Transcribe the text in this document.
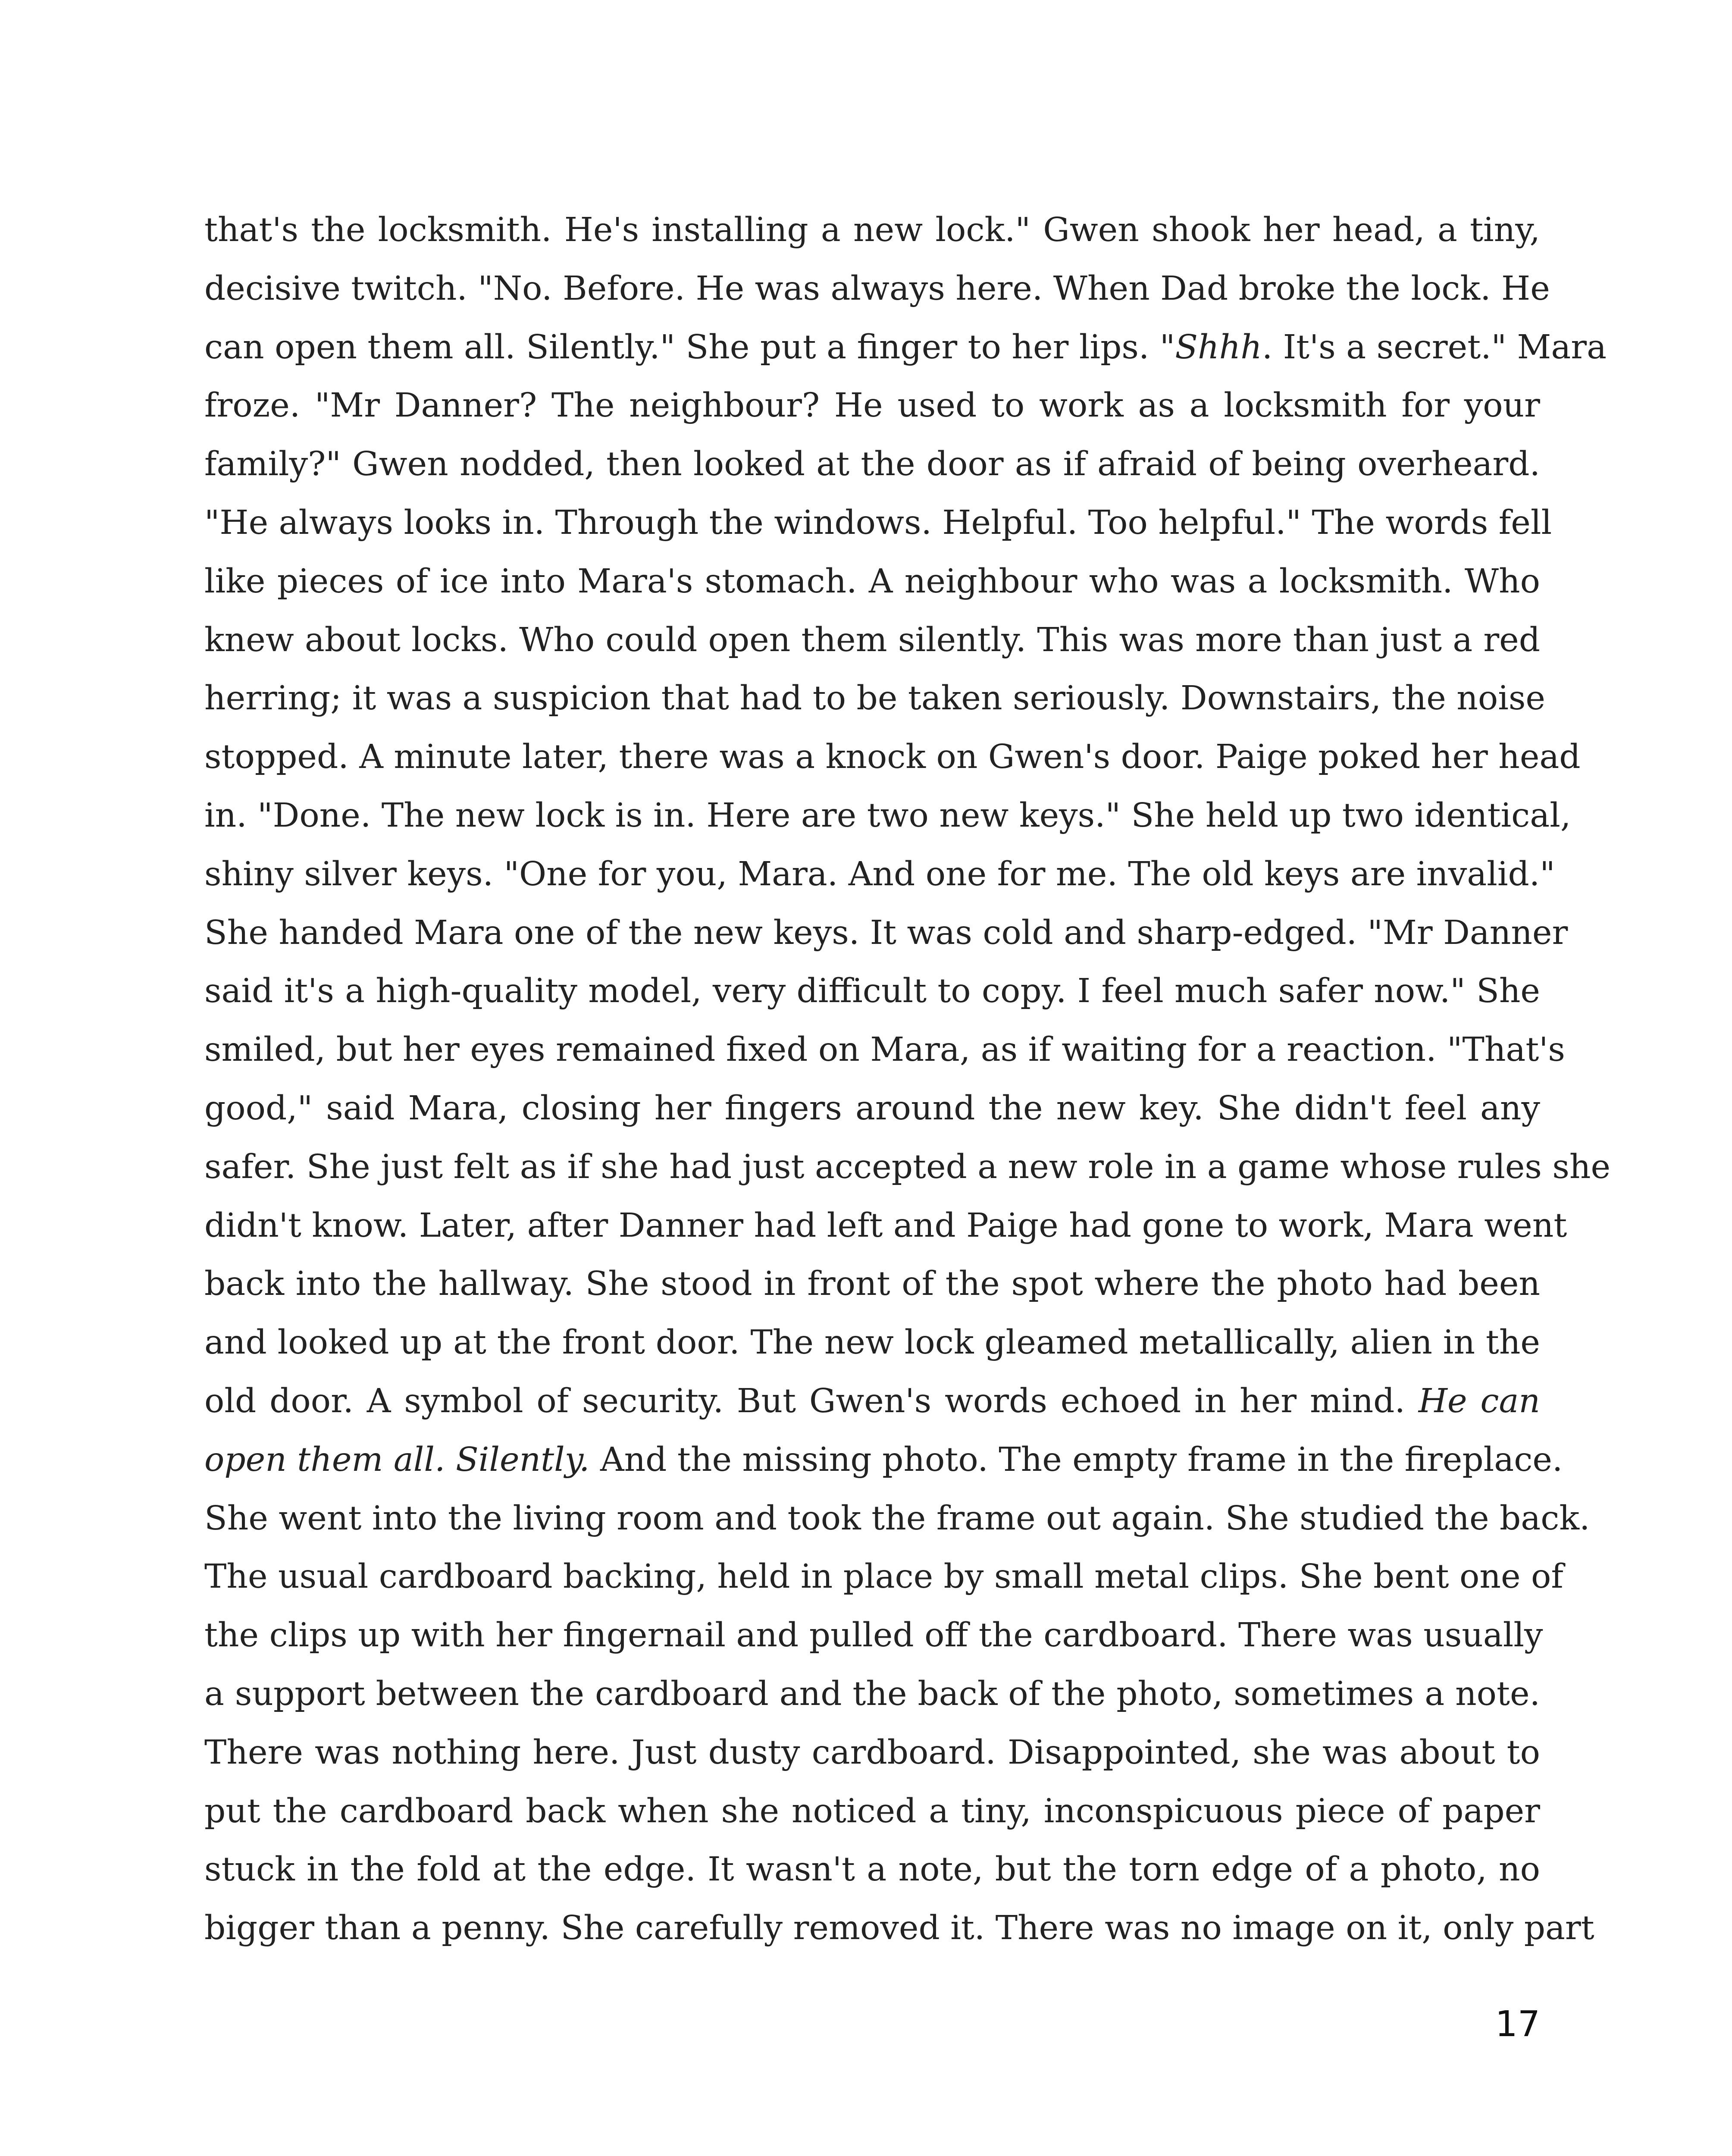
that's the locksmith. He's installing a new lock." Gwen shook her head, a tiny,
decisive twitch. "No. Before. He was always here. When Dad broke the lock. He
can open them all. Silently." She put a finger to her lips. "Shhh. It's a secret." Mara
froze. "Mr Danner? The neighbour? He used to work as a locksmith for your
family?" Gwen nodded, then looked at the door as if afraid of being overheard.
"He always looks in. Through the windows. Helpful. Too helpful." The words fell
like pieces of ice into Mara's stomach. A neighbour who was a locksmith. Who
knew about locks. Who could open them silently. This was more than just a red
herring; it was a suspicion that had to be taken seriously. Downstairs, the noise
stopped. A minute later, there was a knock on Gwen's door. Paige poked her head
in. "Done. The new lock is in. Here are two new keys." She held up two identical,
shiny silver keys. "One for you, Mara. And one for me. The old keys are invalid."
She handed Mara one of the new keys. It was cold and sharp-edged. "Mr Danner
said it's a high-quality model, very difficult to copy. I feel much safer now." She
smiled, but her eyes remained fixed on Mara, as if waiting for a reaction. "That's
good," said Mara, closing her fingers around the new key. She didn't feel any
safer. She just felt as if she had just accepted a new role in a game whose rules she
didn't know. Later, after Danner had left and Paige had gone to work, Mara went
back into the hallway. She stood in front of the spot where the photo had been
and looked up at the front door. The new lock gleamed metallically, alien in the
old door. A symbol of security. But Gwen's words echoed in her mind. He can
open them all. Silently. And the missing photo. The empty frame in the fireplace.
She went into the living room and took the frame out again. She studied the back.
The usual cardboard backing, held in place by small metal clips. She bent one of
the clips up with her fingernail and pulled off the cardboard. There was usually
a support between the cardboard and the back of the photo, sometimes a note.
There was nothing here. Just dusty cardboard. Disappointed, she was about to
put the cardboard back when she noticed a tiny, inconspicuous piece of paper
stuck in the fold at the edge. It wasn't a note, but the torn edge of a photo, no
bigger than a penny. She carefully removed it. There was no image on it, only part
17
